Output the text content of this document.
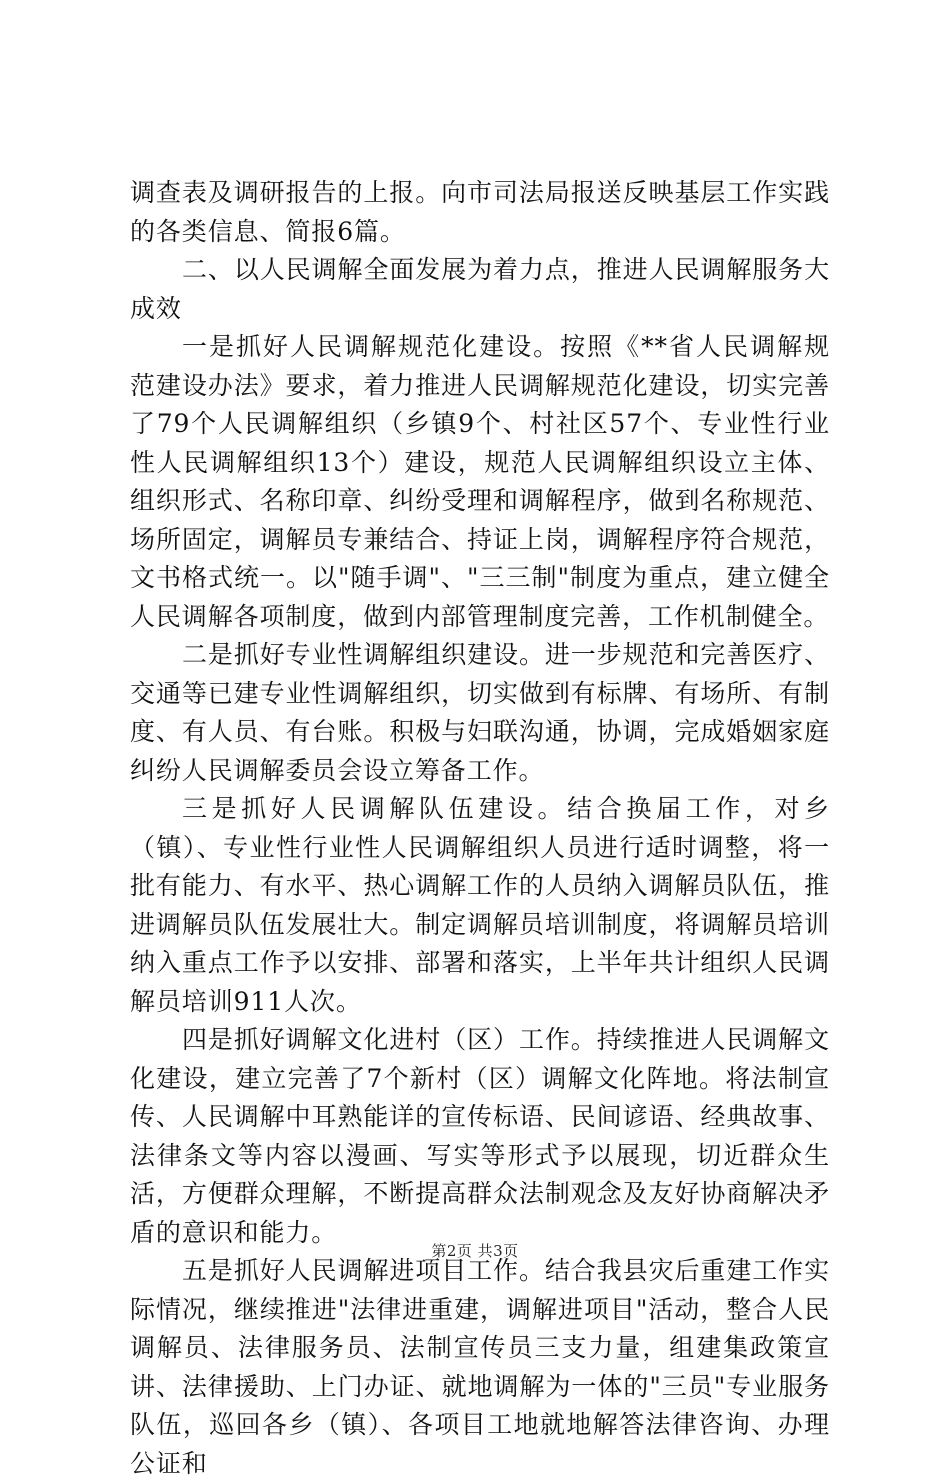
调查表及调研报告的上报。向市司法局报送反映基层工作实践的各类信息、简报6篇。

二、以人民调解全面发展为着力点，推进人民调解服务大成效

一是抓好人民调解规范化建设。按照《**省人民调解规范建设办法》要求，着力推进人民调解规范化建设，切实完善了79个人民调解组织（乡镇9个、村社区57个、专业性行业性人民调解组织13个）建设，规范人民调解组织设立主体、组织形式、名称印章、纠纷受理和调解程序，做到名称规范、场所固定，调解员专兼结合、持证上岗，调解程序符合规范，文书格式统一。以"随手调"、"三三制"制度为重点，建立健全人民调解各项制度，做到内部管理制度完善，工作机制健全。

二是抓好专业性调解组织建设。进一步规范和完善医疗、交通等已建专业性调解组织，切实做到有标牌、有场所、有制度、有人员、有台账。积极与妇联沟通，协调，完成婚姻家庭纠纷人民调解委员会设立筹备工作。

三是抓好人民调解队伍建设。结合换届工作，对乡（镇）、专业性行业性人民调解组织人员进行适时调整，将一批有能力、有水平、热心调解工作的人员纳入调解员队伍，推进调解员队伍发展壮大。制定调解员培训制度，将调解员培训纳入重点工作予以安排、部署和落实，上半年共计组织人民调解员培训911人次。

四是抓好调解文化进村（区）工作。持续推进人民调解文化建设，建立完善了7个新村（区）调解文化阵地。将法制宣传、人民调解中耳熟能详的宣传标语、民间谚语、经典故事、法律条文等内容以漫画、写实等形式予以展现，切近群众生活，方便群众理解，不断提高群众法制观念及友好协商解决矛盾的意识和能力。

五是抓好人民调解进项目工作。结合我县灾后重建工作实际情况，继续推进"法律进重建，调解进项目"活动，整合人民调解员、法律服务员、法制宣传员三支力量，组建集政策宣讲、法律援助、上门办证、就地调解为一体的"三员"专业服务队伍，巡回各乡（镇）、各项目工地就地解答法律咨询、办理公证和

第2页 共3页
